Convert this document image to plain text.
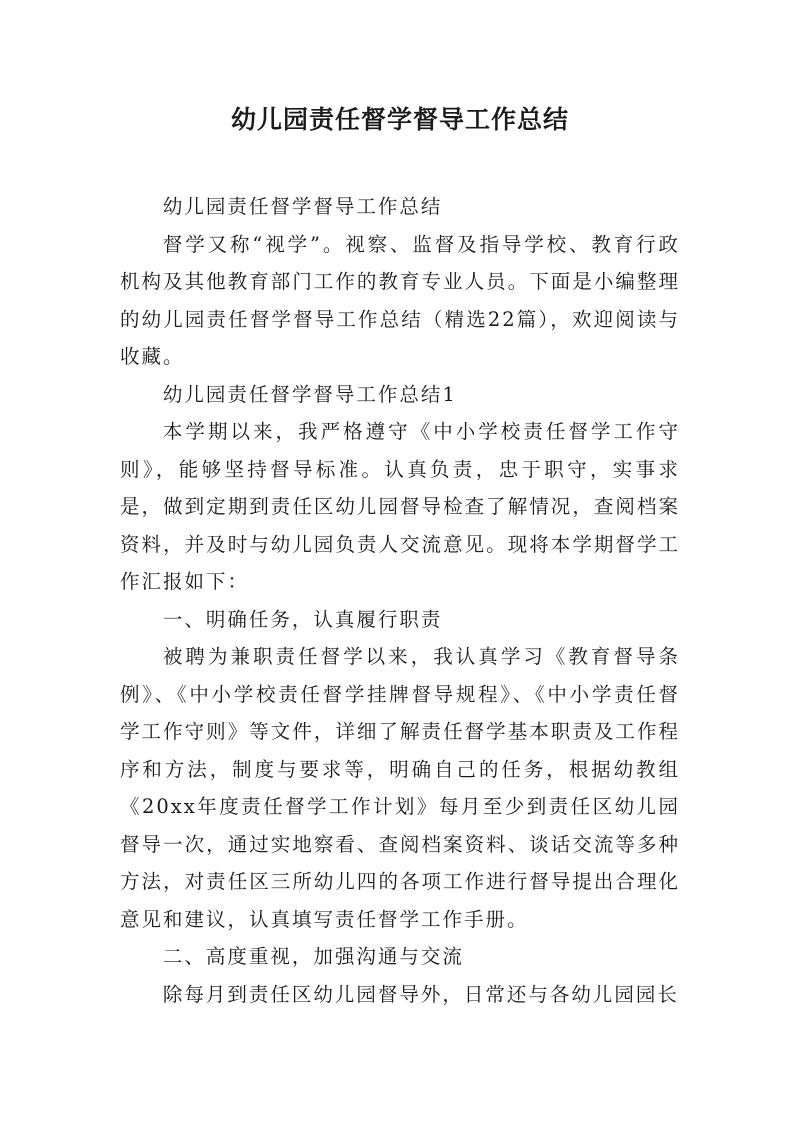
幼儿园责任督学督导工作总结

幼儿园责任督学督导工作总结

督学又称“视学”。视察、监督及指导学校、教育行政机构及其他教育部门工作的教育专业人员。下面是小编整理的幼儿园责任督学督导工作总结（精选22篇），欢迎阅读与收藏。

幼儿园责任督学督导工作总结1

本学期以来，我严格遵守《中小学校责任督学工作守则》，能够坚持督导标准。认真负责，忠于职守，实事求是，做到定期到责任区幼儿园督导检查了解情况，查阅档案资料，并及时与幼儿园负责人交流意见。现将本学期督学工作汇报如下：

一、明确任务，认真履行职责

被聘为兼职责任督学以来，我认真学习《教育督导条例》、《中小学校责任督学挂牌督导规程》、《中小学责任督学工作守则》等文件，详细了解责任督学基本职责及工作程序和方法，制度与要求等，明确自己的任务，根据幼教组《20xx年度责任督学工作计划》每月至少到责任区幼儿园督导一次，通过实地察看、查阅档案资料、谈话交流等多种方法，对责任区三所幼儿四的各项工作进行督导提出合理化意见和建议，认真填写责任督学工作手册。

二、高度重视，加强沟通与交流

除每月到责任区幼儿园督导外，日常还与各幼儿园园长
